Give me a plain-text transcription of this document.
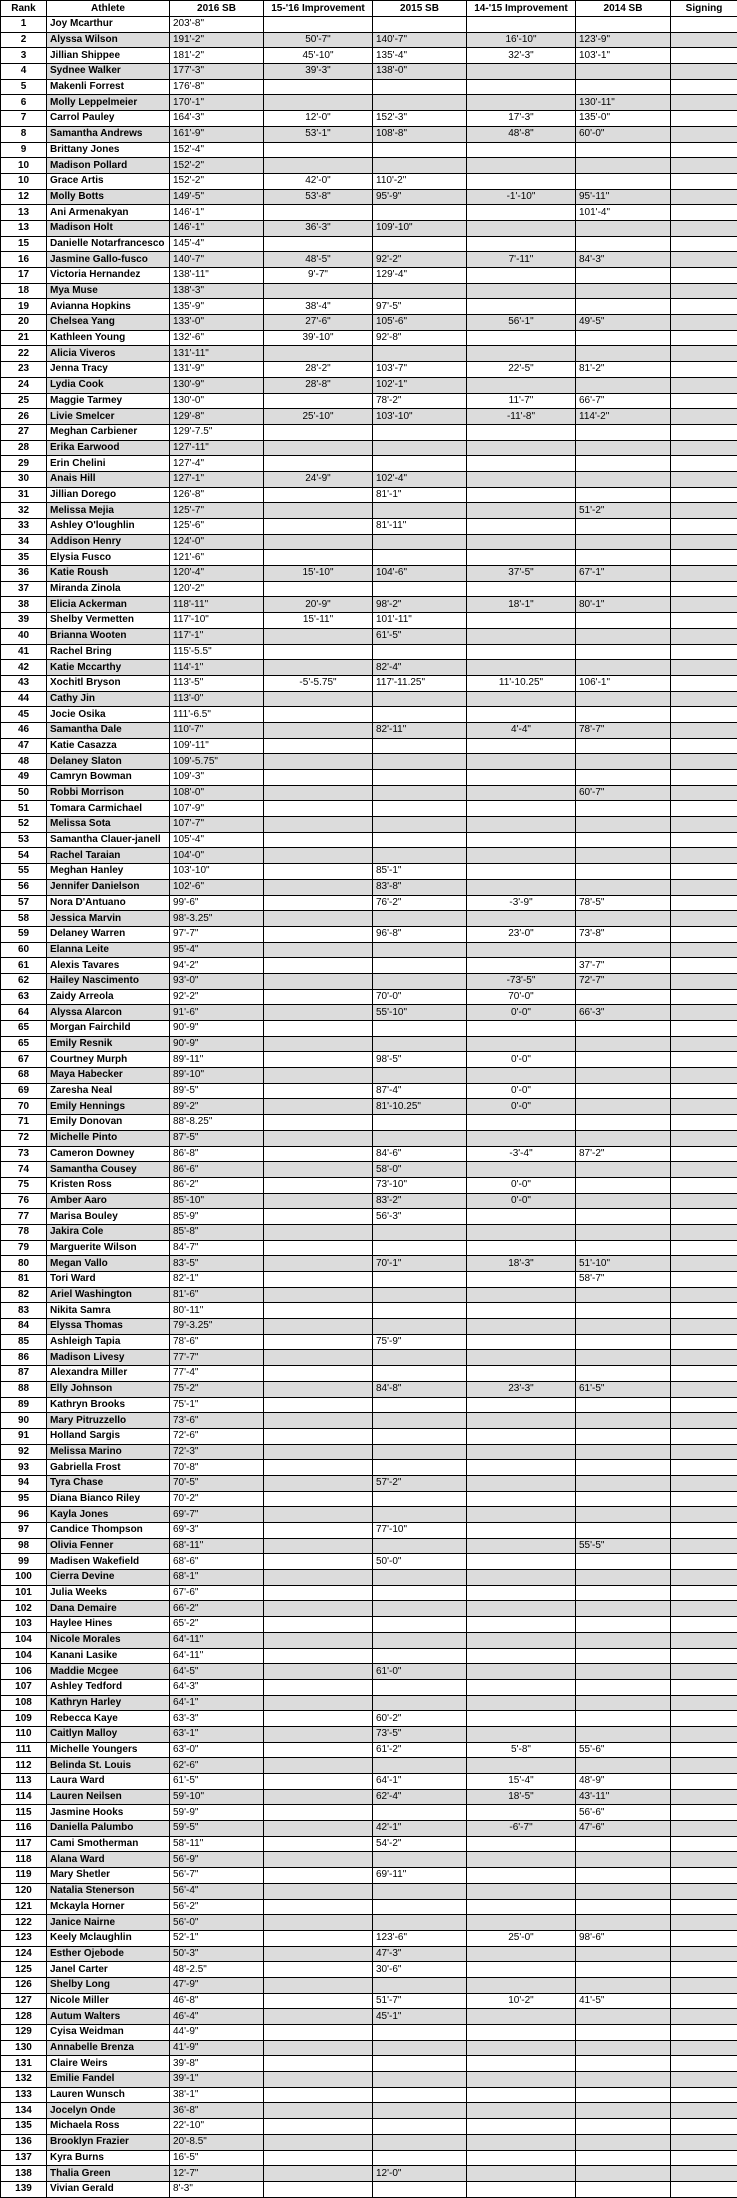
Rank	Athlete	2016 SB	15-'16 Improvement	2015 SB	14-'15 Improvement	2014 SB	Signing
1	Joy Mcarthur	203'-8"					
2	Alyssa Wilson	191'-2"	50'-7"	140'-7"	16'-10"	123'-9"	
3	Jillian Shippee	181'-2"	45'-10"	135'-4"	32'-3"	103'-1"	
4	Sydnee Walker	177'-3"	39'-3"	138'-0"			
5	Makenli Forrest	176'-8"					
6	Molly Leppelmeier	170'-1"				130'-11"	
7	Carrol Pauley	164'-3"	12'-0"	152'-3"	17'-3"	135'-0"	
8	Samantha Andrews	161'-9"	53'-1"	108'-8"	48'-8"	60'-0"	
9	Brittany Jones	152'-4"					
10	Madison Pollard	152'-2"					
10	Grace Artis	152'-2"	42'-0"	110'-2"			
12	Molly Botts	149'-5"	53'-8"	95'-9"	-1'-10"	95'-11"	
13	Ani Armenakyan	146'-1"				101'-4"	
13	Madison Holt	146'-1"	36'-3"	109'-10"			
15	Danielle Notarfrancesco	145'-4"					
16	Jasmine Gallo-fusco	140'-7"	48'-5"	92'-2"	7'-11"	84'-3"	
17	Victoria Hernandez	138'-11"	9'-7"	129'-4"			
18	Mya Muse	138'-3"					
19	Avianna Hopkins	135'-9"	38'-4"	97'-5"			
20	Chelsea Yang	133'-0"	27'-6"	105'-6"	56'-1"	49'-5"	
21	Kathleen Young	132'-6"	39'-10"	92'-8"			
22	Alicia Viveros	131'-11"					
23	Jenna Tracy	131'-9"	28'-2"	103'-7"	22'-5"	81'-2"	
24	Lydia Cook	130'-9"	28'-8"	102'-1"			
25	Maggie Tarmey	130'-0"		78'-2"	11'-7"	66'-7"	
26	Livie Smelcer	129'-8"	25'-10"	103'-10"	-11'-8"	114'-2"	
27	Meghan Carbiener	129'-7.5"					
28	Erika Earwood	127'-11"					
29	Erin Chelini	127'-4"					
30	Anais Hill	127'-1"	24'-9"	102'-4"			
31	Jillian Dorego	126'-8"		81'-1"			
32	Melissa Mejia	125'-7"				51'-2"	
33	Ashley O'loughlin	125'-6"		81'-11"			
34	Addison Henry	124'-0"					
35	Elysia Fusco	121'-6"					
36	Katie Roush	120'-4"	15'-10"	104'-6"	37'-5"	67'-1"	
37	Miranda Zinola	120'-2"					
38	Elicia Ackerman	118'-11"	20'-9"	98'-2"	18'-1"	80'-1"	
39	Shelby Vermetten	117'-10"	15'-11"	101'-11"			
40	Brianna Wooten	117'-1"		61'-5"			
41	Rachel Bring	115'-5.5"					
42	Katie Mccarthy	114'-1"		82'-4"			
43	Xochitl Bryson	113'-5"	-5'-5.75"	117'-11.25"	11'-10.25"	106'-1"	
44	Cathy Jin	113'-0"					
45	Jocie Osika	111'-6.5"					
46	Samantha Dale	110'-7"		82'-11"	4'-4"	78'-7"	
47	Katie Casazza	109'-11"					
48	Delaney Slaton	109'-5.75"					
49	Camryn Bowman	109'-3"					
50	Robbi Morrison	108'-0"				60'-7"	
51	Tomara Carmichael	107'-9"					
52	Melissa Sota	107'-7"					
53	Samantha Clauer-janell	105'-4"					
54	Rachel Taraian	104'-0"					
55	Meghan Hanley	103'-10"		85'-1"			
56	Jennifer Danielson	102'-6"		83'-8"			
57	Nora D'Antuano	99'-6"		76'-2"	-3'-9"	78'-5"	
58	Jessica Marvin	98'-3.25"					
59	Delaney Warren	97'-7"		96'-8"	23'-0"	73'-8"	
60	Elanna Leite	95'-4"					
61	Alexis Tavares	94'-2"				37'-7"	
62	Hailey Nascimento	93'-0"			-73'-5"	72'-7"	
63	Zaidy Arreola	92'-2"		70'-0"	70'-0"		
64	Alyssa Alarcon	91'-6"		55'-10"	0'-0"	66'-3"	
65	Morgan Fairchild	90'-9"					
65	Emily Resnik	90'-9"					
67	Courtney Murph	89'-11"		98'-5"	0'-0"		
68	Maya Habecker	89'-10"					
69	Zaresha Neal	89'-5"		87'-4"	0'-0"		
70	Emily Hennings	89'-2"		81'-10.25"	0'-0"		
71	Emily Donovan	88'-8.25"					
72	Michelle Pinto	87'-5"					
73	Cameron Downey	86'-8"		84'-6"	-3'-4"	87'-2"	
74	Samantha Cousey	86'-6"		58'-0"			
75	Kristen Ross	86'-2"		73'-10"	0'-0"		
76	Amber Aaro	85'-10"		83'-2"	0'-0"		
77	Marisa Bouley	85'-9"		56'-3"			
78	Jakira Cole	85'-8"					
79	Marguerite Wilson	84'-7"					
80	Megan Vallo	83'-5"		70'-1"	18'-3"	51'-10"	
81	Tori Ward	82'-1"				58'-7"	
82	Ariel Washington	81'-6"					
83	Nikita Samra	80'-11"					
84	Elyssa Thomas	79'-3.25"					
85	Ashleigh Tapia	78'-6"		75'-9"			
86	Madison Livesy	77'-7"					
87	Alexandra Miller	77'-4"					
88	Elly Johnson	75'-2"		84'-8"	23'-3"	61'-5"	
89	Kathryn Brooks	75'-1"					
90	Mary Pitruzzello	73'-6"					
91	Holland Sargis	72'-6"					
92	Melissa Marino	72'-3"					
93	Gabriella Frost	70'-8"					
94	Tyra Chase	70'-5"		57'-2"			
95	Diana Bianco Riley	70'-2"					
96	Kayla Jones	69'-7"					
97	Candice Thompson	69'-3"		77'-10"			
98	Olivia Fenner	68'-11"				55'-5"	
99	Madisen Wakefield	68'-6"		50'-0"			
100	Cierra Devine	68'-1"					
101	Julia Weeks	67'-6"					
102	Dana Demaire	66'-2"					
103	Haylee Hines	65'-2"					
104	Nicole Morales	64'-11"					
104	Kanani Lasike	64'-11"					
106	Maddie Mcgee	64'-5"		61'-0"			
107	Ashley Tedford	64'-3"					
108	Kathryn Harley	64'-1"					
109	Rebecca Kaye	63'-3"		60'-2"			
110	Caitlyn Malloy	63'-1"		73'-5"			
111	Michelle Youngers	63'-0"		61'-2"	5'-8"	55'-6"	
112	Belinda St. Louis	62'-6"					
113	Laura Ward	61'-5"		64'-1"	15'-4"	48'-9"	
114	Lauren Neilsen	59'-10"		62'-4"	18'-5"	43'-11"	
115	Jasmine Hooks	59'-9"				56'-6"	
116	Daniella Palumbo	59'-5"		42'-1"	-6'-7"	47'-6"	
117	Cami Smotherman	58'-11"		54'-2"			
118	Alana Ward	56'-9"					
119	Mary Shetler	56'-7"		69'-11"			
120	Natalia Stenerson	56'-4"					
121	Mckayla Horner	56'-2"					
122	Janice Nairne	56'-0"					
123	Keely Mclaughlin	52'-1"		123'-6"	25'-0"	98'-6"	
124	Esther Ojebode	50'-3"		47'-3"			
125	Janel Carter	48'-2.5"		30'-6"			
126	Shelby Long	47'-9"					
127	Nicole Miller	46'-8"		51'-7"	10'-2"	41'-5"	
128	Autum Walters	46'-4"		45'-1"			
129	Cyisa Weidman	44'-9"					
130	Annabelle Brenza	41'-9"					
131	Claire Weirs	39'-8"					
132	Emilie Fandel	39'-1"					
133	Lauren Wunsch	38'-1"					
134	Jocelyn Onde	36'-8"					
135	Michaela Ross	22'-10"					
136	Brooklyn Frazier	20'-8.5"					
137	Kyra Burns	16'-5"					
138	Thalia Green	12'-7"		12'-0"			
139	Vivian Gerald	8'-3"					
